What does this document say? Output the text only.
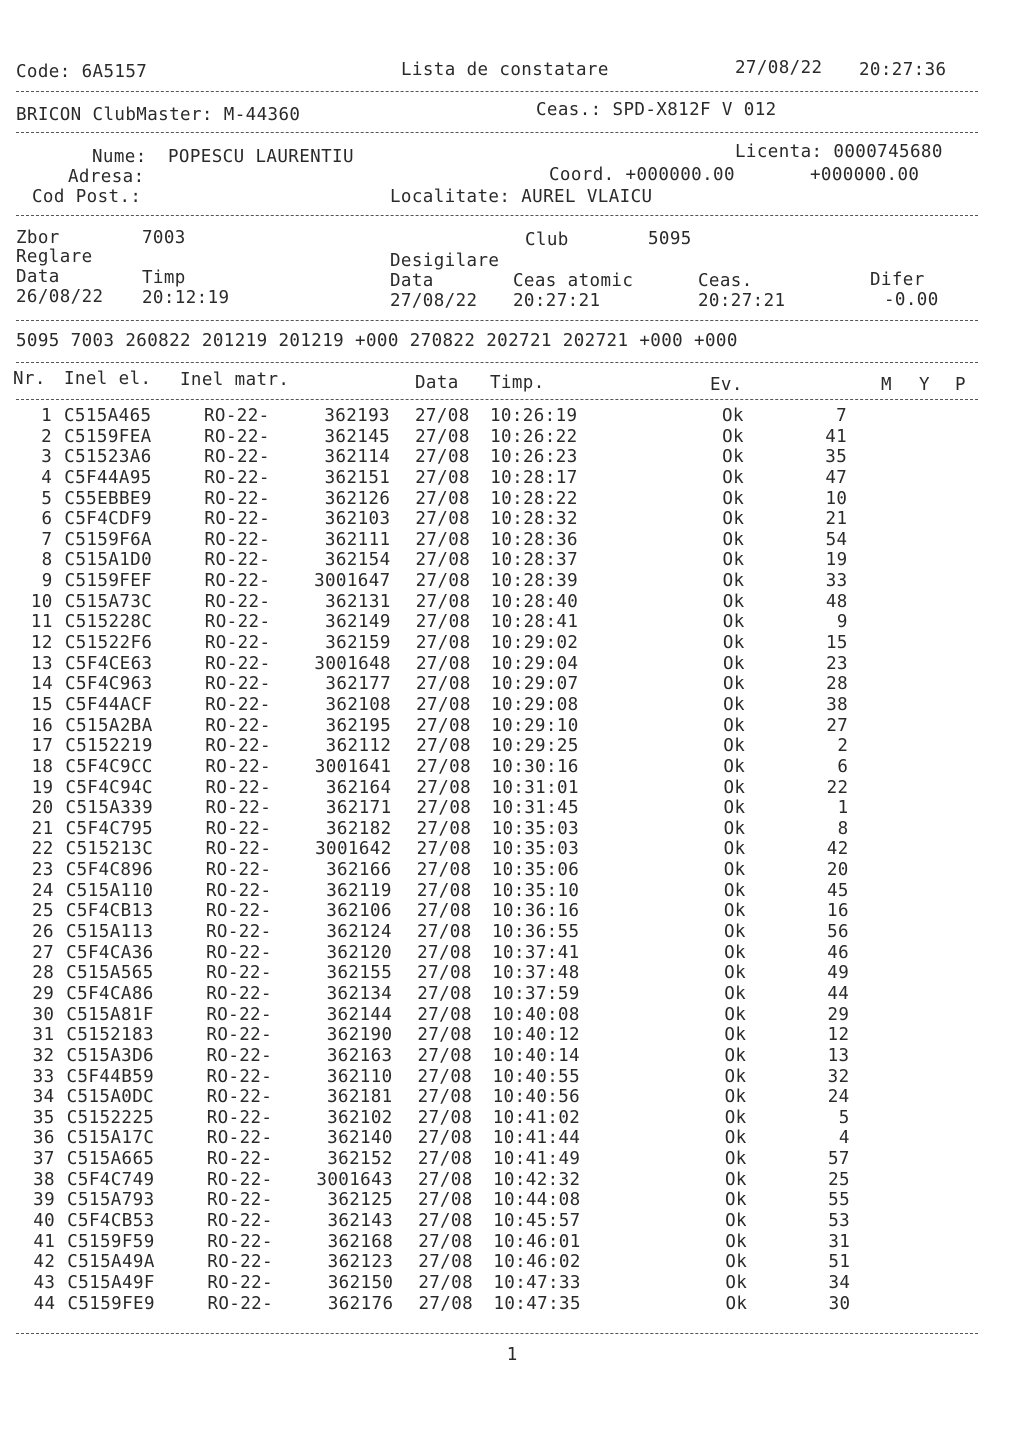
Code: 6A5157	Lista de constatare	27/08/22 20:27:36
BRICON ClubMaster: M-44360	Ceas.: SPD-X812F V 012
Nume: POPESCU LAURENTIU	Licenta: 0000745680
Adresa:	Coord. +000000.00	+000000.00
Cod Post.:	Localitate: AUREL VLAICU
Zbor	7003	Club	5095
Reglare	Desigilare
Data	Timp	Data	Ceas atomic	Ceas.	Difer
26/08/22 20:12:19	27/08/22 20:27:21	20:27:21	-0.00
5095 7003 260822 201219 201219 +000 270822 202721 202721 +000 +000
Nr. Inel el. Inel matr.	Data Timp.	Ev.	M Y P
1 C515A465	RO-22-	362193 27/08 10:26:19	Ok	7
2 C5159FEA	RO-22-	362145 27/08 10:26:22	Ok	41
3 C51523A6	RO-22-	362114 27/08 10:26:23	Ok	35
4 C5F44A95	RO-22-	362151 27/08 10:28:17	Ok	47
5 C55EBBE9	RO-22-	362126 27/08 10:28:22	Ok	10
6 C5F4CDF9	RO-22-	362103 27/08 10:28:32	Ok	21
7 C5159F6A	RO-22-	362111 27/08 10:28:36	Ok	54
8 C515A1D0	RO-22-	362154 27/08 10:28:37	Ok	19
9 C5159FEF	RO-22-	3001647 27/08 10:28:39	Ok	33
10 C515A73C	RO-22-	362131 27/08 10:28:40	Ok	48
11 C515228C	RO-22-	362149 27/08 10:28:41	Ok	9
12 C51522F6	RO-22-	362159 27/08 10:29:02	Ok	15
13 C5F4CE63	RO-22-	3001648 27/08 10:29:04	Ok	23
14 C5F4C963	RO-22-	362177 27/08 10:29:07	Ok	28
15 C5F44ACF	RO-22-	362108 27/08 10:29:08	Ok	38
16 C515A2BA	RO-22-	362195 27/08 10:29:10	Ok	27
17 C5152219	RO-22-	362112 27/08 10:29:25	Ok	2
18 C5F4C9CC	RO-22-	3001641 27/08 10:30:16	Ok	6
19 C5F4C94C	RO-22-	362164 27/08 10:31:01	Ok	22
20 C515A339	RO-22-	362171 27/08 10:31:45	Ok	1
21 C5F4C795	RO-22-	362182 27/08 10:35:03	Ok	8
22 C515213C	RO-22-	3001642 27/08 10:35:03	Ok	42
23 C5F4C896	RO-22-	362166 27/08 10:35:06	Ok	20
24 C515A110	RO-22-	362119 27/08 10:35:10	Ok	45
25 C5F4CB13	RO-22-	362106 27/08 10:36:16	Ok	16
26 C515A113	RO-22-	362124 27/08 10:36:55	Ok	56
27 C5F4CA36	RO-22-	362120 27/08 10:37:41	Ok	46
28 C515A565	RO-22-	362155 27/08 10:37:48	Ok	49
29 C5F4CA86	RO-22-	362134 27/08 10:37:59	Ok	44
30 C515A81F	RO-22-	362144 27/08 10:40:08	Ok	29
31 C5152183	RO-22-	362190 27/08 10:40:12	Ok	12
32 C515A3D6	RO-22-	362163 27/08 10:40:14	Ok	13
33 C5F44B59	RO-22-	362110 27/08 10:40:55	Ok	32
34 C515A0DC	RO-22-	362181 27/08 10:40:56	Ok	24
35 C5152225	RO-22-	362102 27/08 10:41:02	Ok	5
36 C515A17C	RO-22-	362140 27/08 10:41:44	Ok	4
37 C515A665	RO-22-	362152 27/08 10:41:49	Ok	57
38 C5F4C749	RO-22-	3001643 27/08 10:42:32	Ok	25
39 C515A793	RO-22-	362125 27/08 10:44:08	Ok	55
40 C5F4CB53	RO-22-	362143 27/08 10:45:57	Ok	53
41 C5159F59	RO-22-	362168 27/08 10:46:01	Ok	31
42 C515A49A	RO-22-	362123 27/08 10:46:02	Ok	51
43 C515A49F	RO-22-	362150 27/08 10:47:33	Ok	34
44 C5159FE9	RO-22-	362176 27/08 10:47:35	Ok	30
1
